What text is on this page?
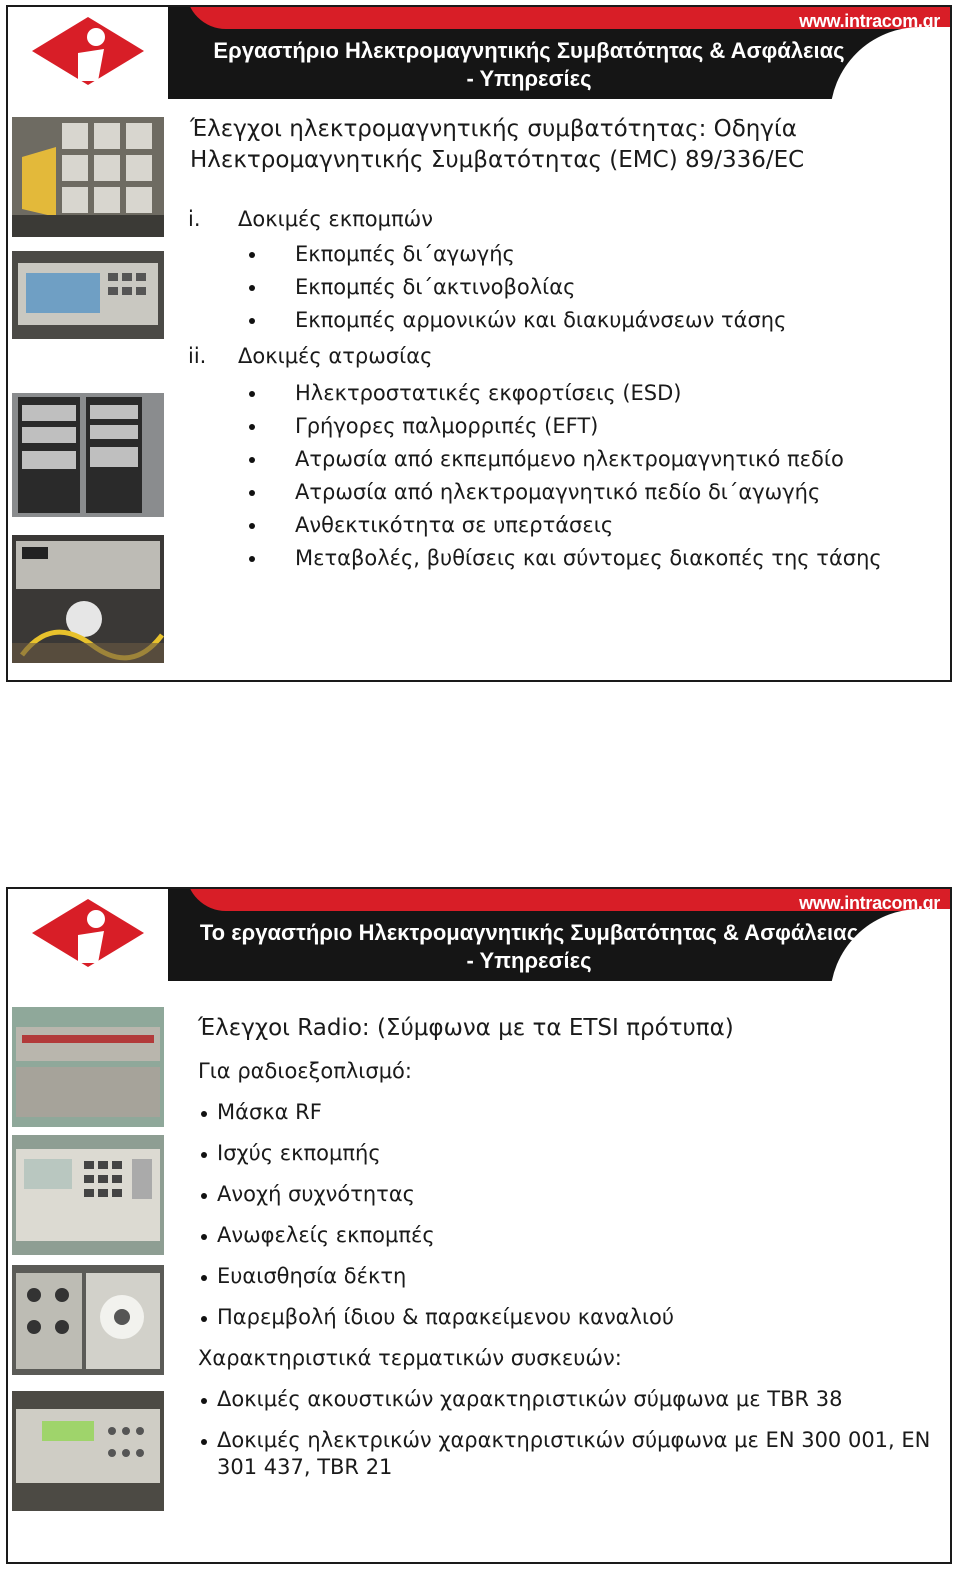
www.intracom.gr
Εργαστήριο Ηλεκτρομαγνητικής Συμβατότητας & Ασφάλειας
- Υπηρεσίες
Έλεγχοι ηλεκτρομαγνητικής συμβατότητας: Οδηγία
Ηλεκτρομαγνητικής Συμβατότητας (EMC) 89/336/EC
i. Δοκιμές εκπομπών
Εκπομπές δι΄αγωγής
Εκπομπές δι΄ακτινοβολίας
Εκπομπές αρμονικών και διακυμάνσεων τάσης
ii. Δοκιμές ατρωσίας
Ηλεκτροστατικές εκφορτίσεις (ESD)
Γρήγορες παλμορριπές (EFT)
Ατρωσία από εκπεμπόμενο ηλεκτρομαγνητικό πεδίο
Ατρωσία από ηλεκτρομαγνητικό πεδίο δι΄αγωγής
Ανθεκτικότητα σε υπερτάσεις
Μεταβολές, βυθίσεις και σύντομες διακοπές της τάσης
www.intracom.gr
Το εργαστήριο Ηλεκτρομαγνητικής Συμβατότητας & Ασφάλειας
- Υπηρεσίες
Έλεγχοι Radio: (Σύμφωνα με τα ETSI πρότυπα)
Για ραδιοεξοπλισμό:
Μάσκα RF
Ισχύς εκπομπής
Ανοχή συχνότητας
Ανωφελείς εκπομπές
Ευαισθησία δέκτη
Παρεμβολή ίδιου & παρακείμενου καναλιού
Χαρακτηριστικά τερματικών συσκευών:
Δοκιμές ακουστικών χαρακτηριστικών σύμφωνα με TBR 38
Δοκιμές ηλεκτρικών χαρακτηριστικών σύμφωνα με EN 300 001, EN
301 437, TBR 21
